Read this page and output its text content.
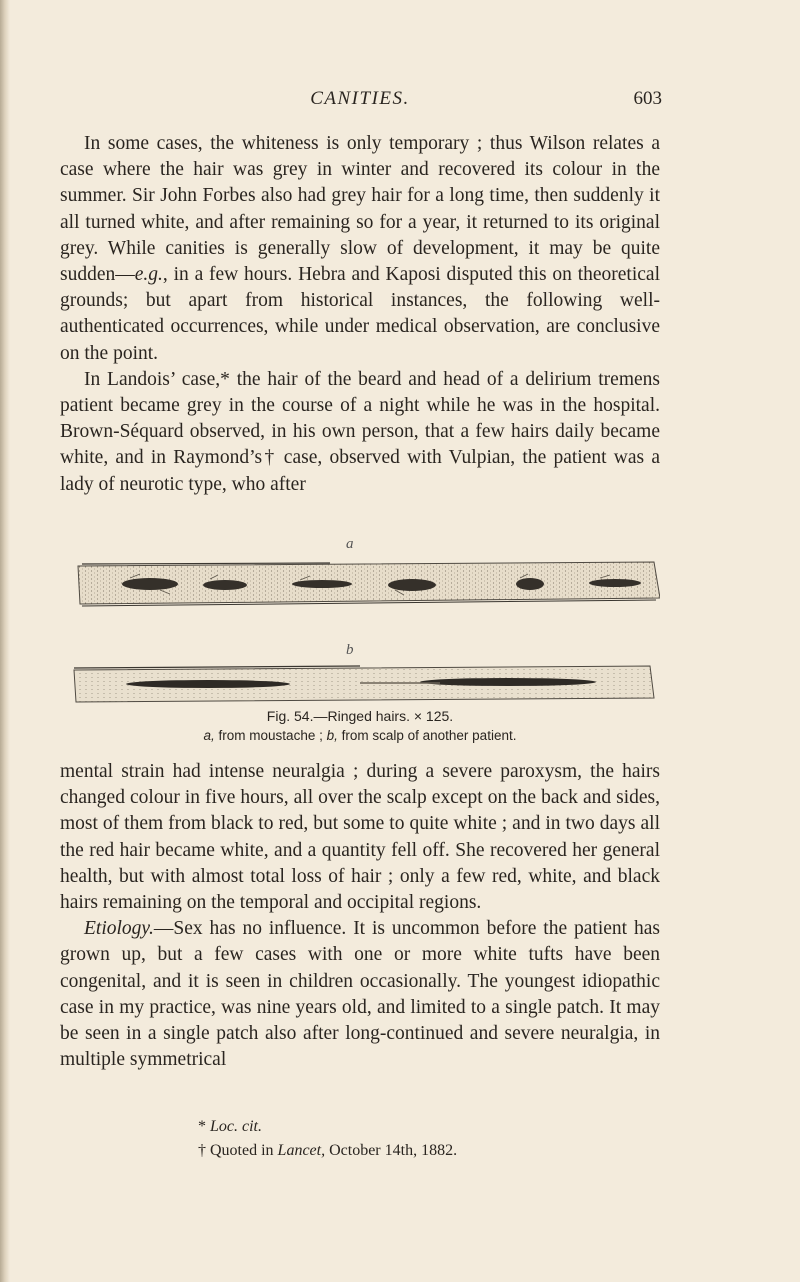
CANITIES.	603

In some cases, the whiteness is only temporary ; thus Wilson relates a case where the hair was grey in winter and recovered its colour in the summer. Sir John Forbes also had grey hair for a long time, then suddenly it all turned white, and after remaining so for a year, it returned to its original grey. While canities is generally slow of development, it may be quite sudden—e.g., in a few hours. Hebra and Kaposi disputed this on theoretical grounds; but apart from historical instances, the following well-authenticated occurrences, while under medical observation, are conclusive on the point.

In Landois’ case,* the hair of the beard and head of a delirium tremens patient became grey in the course of a night while he was in the hospital. Brown-Séquard observed, in his own person, that a few hairs daily became white, and in Raymond’s† case, observed with Vulpian, the patient was a lady of neurotic type, who after

a
b
Fig. 54.—Ringed hairs. × 125.
a, from moustache ; b, from scalp of another patient.

mental strain had intense neuralgia ; during a severe paroxysm, the hairs changed colour in five hours, all over the scalp except on the back and sides, most of them from black to red, but some to quite white ; and in two days all the red hair became white, and a quantity fell off. She recovered her general health, but with almost total loss of hair ; only a few red, white, and black hairs remaining on the temporal and occipital regions.

Etiology.—Sex has no influence. It is uncommon before the patient has grown up, but a few cases with one or more white tufts have been congenital, and it is seen in children occasionally. The youngest idiopathic case in my practice, was nine years old, and limited to a single patch. It may be seen in a single patch also after long-continued and severe neuralgia, in multiple symmetrical

* Loc. cit.
† Quoted in Lancet, October 14th, 1882.
